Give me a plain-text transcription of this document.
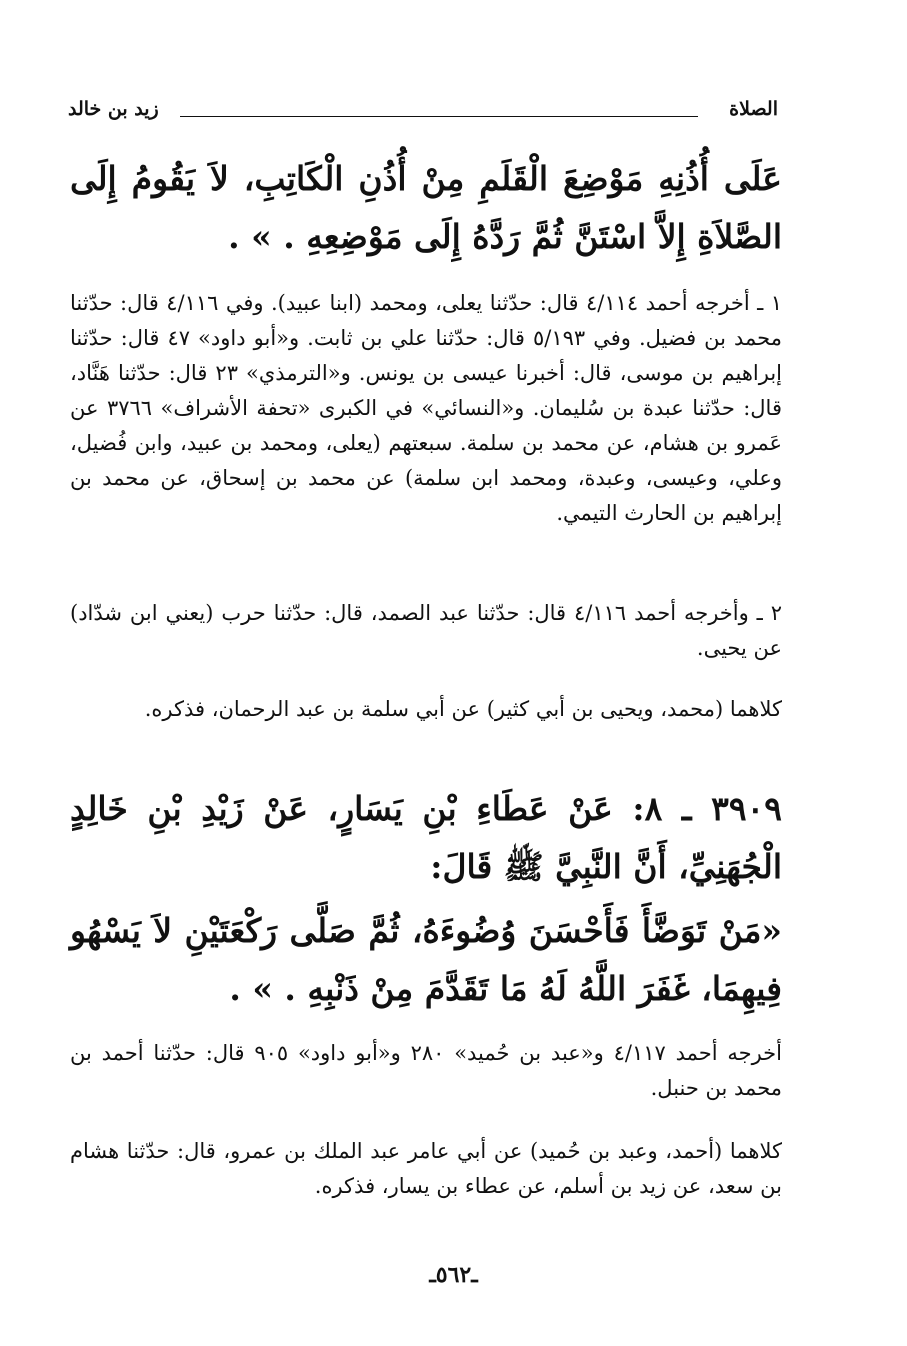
الصلاة
زيد بن خالد
عَلَى أُذُنِهِ مَوْضِعَ الْقَلَمِ مِنْ أُذُنِ الْكَاتِبِ، لاَ يَقُومُ إِلَى الصَّلاَةِ إِلاَّ اسْتَنَّ ثُمَّ رَدَّهُ إِلَى مَوْضِعِهِ . » .
١ ـ أخرجه أحمد ٤/١١٤ قال: حدّثنا يعلى، ومحمد (ابنا عبيد). وفي ٤/١١٦ قال: حدّثنا محمد بن فضيل. وفي ٥/١٩٣ قال: حدّثنا علي بن ثابت. و«أبو داود» ٤٧ قال: حدّثنا إبراهيم بن موسى، قال: أخبرنا عيسى بن يونس. و«الترمذي» ٢٣ قال: حدّثنا هَنَّاد، قال: حدّثنا عبدة بن سُليمان. و«النسائي» في الكبرى «تحفة الأشراف» ٣٧٦٦ عن عَمرو بن هشام، عن محمد بن سلمة. سبعتهم (يعلى، ومحمد بن عبيد، وابن فُضيل، وعلي، وعيسى، وعبدة، ومحمد ابن سلمة) عن محمد بن إسحاق، عن محمد بن إبراهيم بن الحارث التيمي.
٢ ـ وأخرجه أحمد ٤/١١٦ قال: حدّثنا عبد الصمد، قال: حدّثنا حرب (يعني ابن شدّاد) عن يحيى.
كلاهما (محمد، ويحيى بن أبي كثير) عن أبي سلمة بن عبد الرحمان، فذكره.
٣٩٠٩ ـ ٨: عَنْ عَطَاءِ بْنِ يَسَارٍ، عَنْ زَيْدِ بْنِ خَالِدٍ الْجُهَنِيِّ، أَنَّ النَّبِيَّ ﷺ قَالَ:
«مَنْ تَوَضَّأَ فَأَحْسَنَ وُضُوءَهُ، ثُمَّ صَلَّى رَكْعَتَيْنِ لاَ يَسْهُو فِيهِمَا، غَفَرَ اللَّهُ لَهُ مَا تَقَدَّمَ مِنْ ذَنْبِهِ . » .
أخرجه أحمد ٤/١١٧ و«عبد بن حُميد» ٢٨٠ و«أبو داود» ٩٠٥ قال: حدّثنا أحمد بن محمد بن حنبل.
كلاهما (أحمد، وعبد بن حُميد) عن أبي عامر عبد الملك بن عمرو، قال: حدّثنا هشام بن سعد، عن زيد بن أسلم، عن عطاء بن يسار، فذكره.
ـ٥٦٢ـ
